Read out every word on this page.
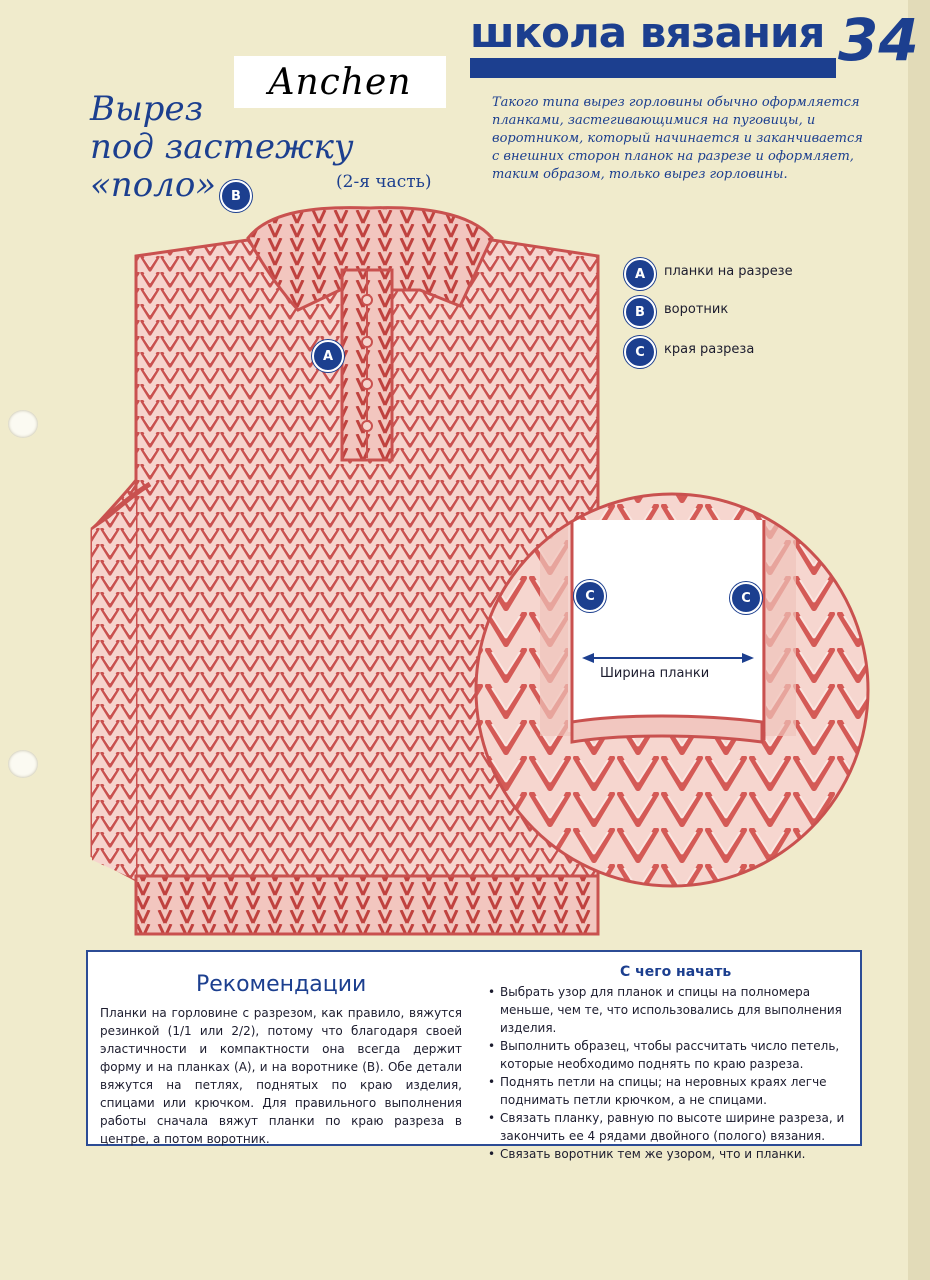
школа вязания 34
Anchen
Вырез
под застежку
«поло»	(2-я часть)
Такого типа вырез горловины обычно оформляется планками, застегивающимися на пуговицы, и воротником, который начинается и заканчивается с внешних сторон планок на разрезе и оформляет, таким образом, только вырез горловины.
Ширина планки
B
A
C	C
A	планки на разрезе
B	воротник
C	края разреза
Рекомендации
Планки на горловине с разрезом, как правило, вяжутся резинкой (1/1 или 2/2), потому что благодаря своей эластичности и компактности она всегда держит форму и на планках (A), и на воротнике (B). Обе детали вяжутся на петлях, поднятых по краю изделия, спицами или крючком. Для правильного выполнения работы сначала вяжут планки по краю разреза в центре, а потом воротник.
С чего начать
• Выбрать узор для планок и спицы на полномера меньше, чем те, что использовались для выполнения изделия.
• Выполнить образец, чтобы рассчитать число петель, которые необходимо поднять по краю разреза.
• Поднять петли на спицы; на неровных краях легче поднимать петли крючком, а не спицами.
• Связать планку, равную по высоте ширине разреза, и закончить ее 4 рядами двойного (полого) вязания.
• Связать воротник тем же узором, что и планки.
